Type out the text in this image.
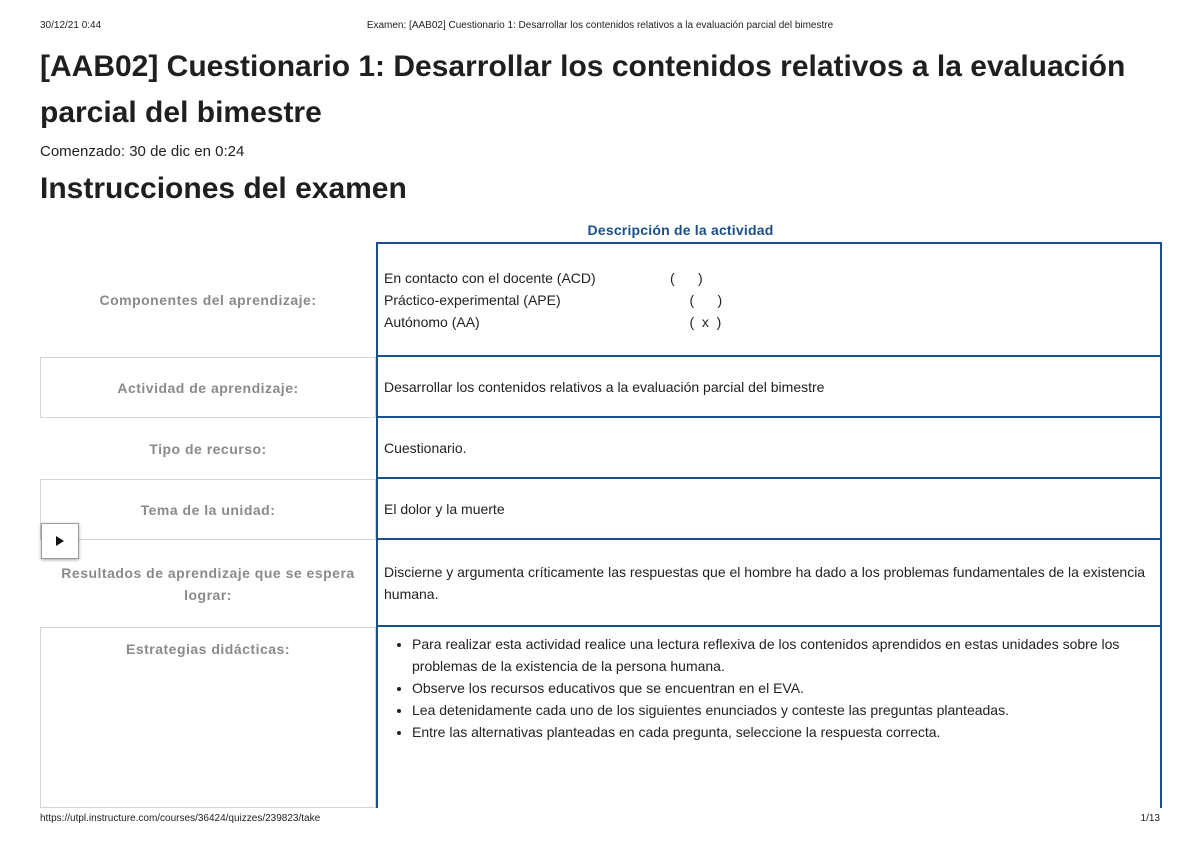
30/12/21 0:44	Examen: [AAB02] Cuestionario 1: Desarrollar los contenidos relativos a la evaluación parcial del bimestre
[AAB02] Cuestionario 1: Desarrollar los contenidos relativos a la evaluación parcial del bimestre
Comenzado: 30 de dic en 0:24
Instrucciones del examen
Descripción de la actividad
Componentes del aprendizaje:
En contacto con el docente (ACD)	(      )
Práctico-experimental (APE)	(      )
Autónomo (AA)	(  x  )
Actividad de aprendizaje:	Desarrollar los contenidos relativos a la evaluación parcial del bimestre
Tipo de recurso:	Cuestionario.
Tema de la unidad:	El dolor y la muerte
Resultados de aprendizaje que se espera lograr:
Discierne y argumenta críticamente las respuestas que el hombre ha dado a los problemas fundamentales de la existencia humana.
Estrategias didácticas:
•	Para realizar esta actividad realice una lectura reflexiva de los contenidos aprendidos en estas unidades sobre los problemas de la existencia de la persona humana.
• Observe los recursos educativos que se encuentran en el EVA.
• Lea detenidamente cada uno de los siguientes enunciados y conteste las preguntas planteadas.
• Entre las alternativas planteadas en cada pregunta, seleccione la respuesta correcta.
https://utpl.instructure.com/courses/36424/quizzes/239823/take	1/13
